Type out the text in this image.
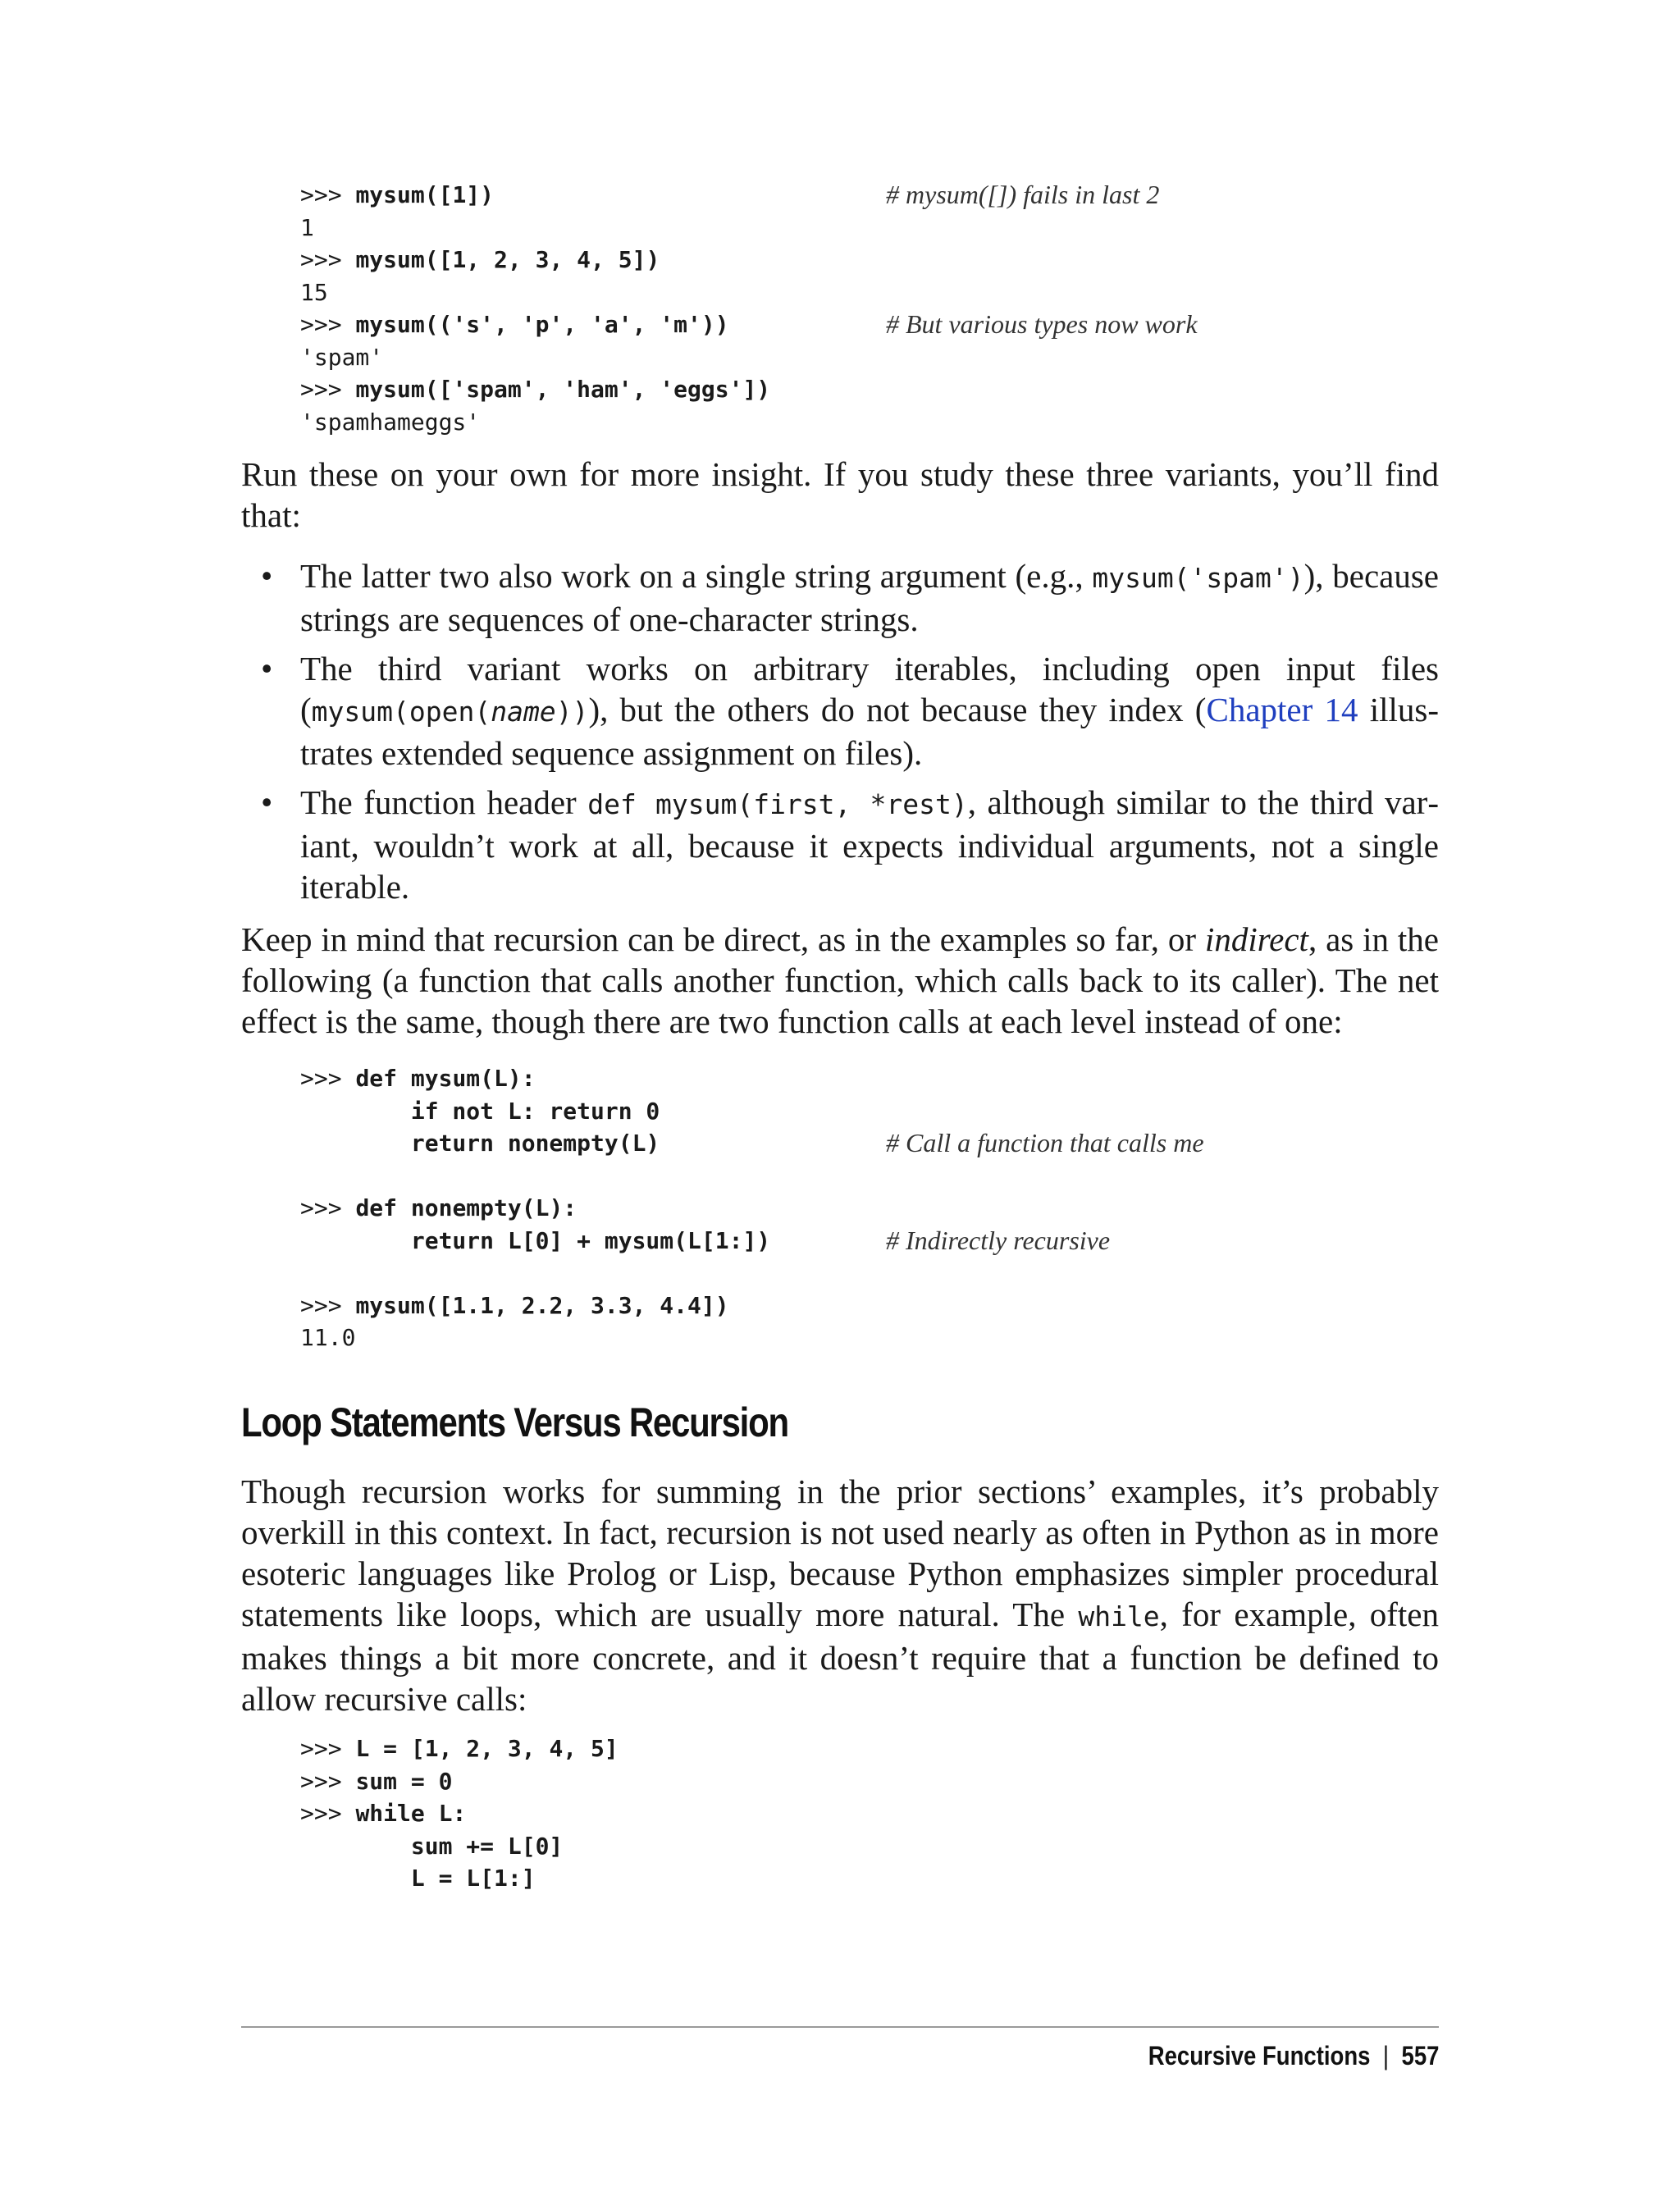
>>> mysum([1])	# mysum([]) fails in last 2
1
>>> mysum([1, 2, 3, 4, 5])
15
>>> mysum(('s', 'p', 'a', 'm'))	# But various types now work
'spam'
>>> mysum(['spam', 'ham', 'eggs'])
'spamhameggs'

Run these on your own for more insight. If you study these three variants, you’ll find that:

• The latter two also work on a single string argument (e.g., mysum('spam')), because strings are sequences of one-character strings.
• The third variant works on arbitrary iterables, including open input files (mysum(open(name))), but the others do not because they index (Chapter 14 illustrates extended sequence assignment on files).
• The function header def mysum(first, *rest), although similar to the third variant, wouldn’t work at all, because it expects individual arguments, not a single iterable.

Keep in mind that recursion can be direct, as in the examples so far, or indirect, as in the following (a function that calls another function, which calls back to its caller). The net effect is the same, though there are two function calls at each level instead of one:

>>> def mysum(L):
if not L: return 0
return nonempty(L)	# Call a function that calls me
>>> def nonempty(L):
return L[0] + mysum(L[1:])	# Indirectly recursive
>>> mysum([1.1, 2.2, 3.3, 4.4])
11.0
Loop Statements Versus Recursion

Though recursion works for summing in the prior sections’ examples, it’s probably overkill in this context. In fact, recursion is not used nearly as often in Python as in more esoteric languages like Prolog or Lisp, because Python emphasizes simpler procedural statements like loops, which are usually more natural. The while, for example, often makes things a bit more concrete, and it doesn’t require that a function be defined to allow recursive calls:

>>> L = [1, 2, 3, 4, 5]
>>> sum = 0
>>> while L:
sum += L[0]
L = L[1:]
Recursive Functions | 557
